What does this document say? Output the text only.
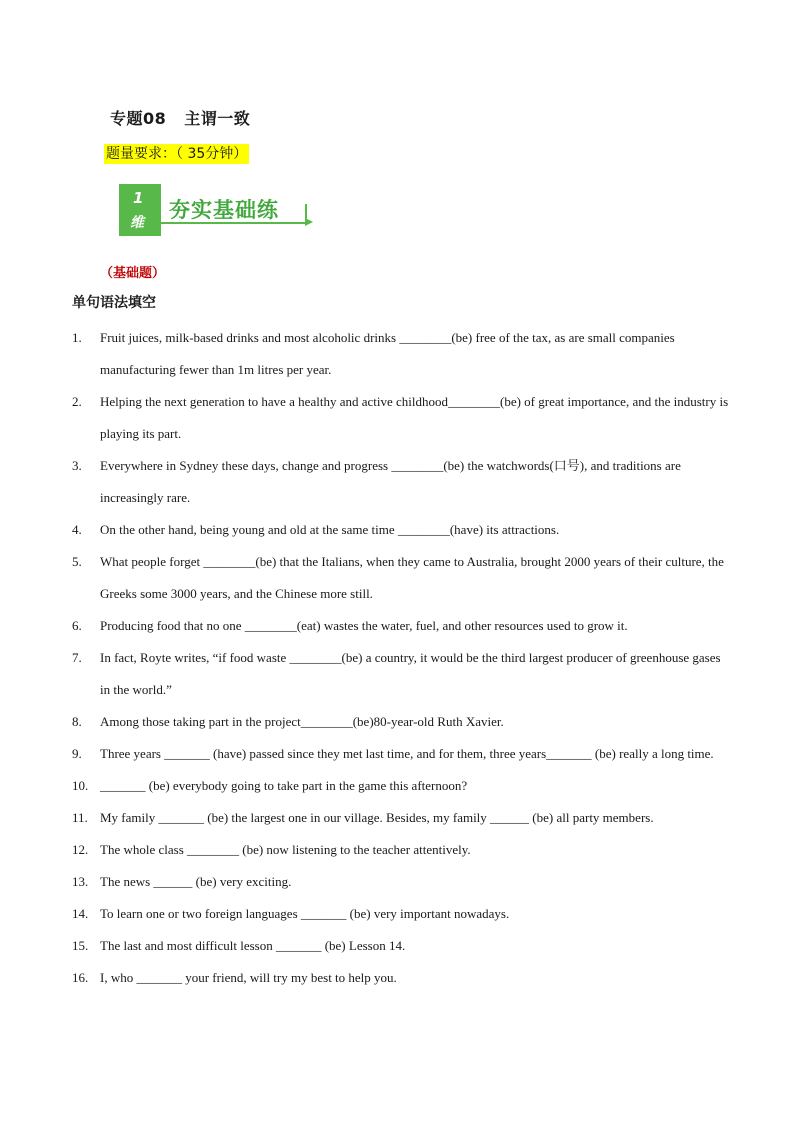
专题08 主谓一致
题量要求：（ 35分钟）
1
维
夯实基础练
（基础题）
单句语法填空
1.	Fruit juices, milk-based drinks and most alcoholic drinks ________(be) free of the tax, as are small companies manufacturing fewer than 1m litres per year.
2.	Helping the next generation to have a healthy and active childhood________(be) of great importance, and the industry is playing its part.
3.	Everywhere in Sydney these days, change and progress ________(be) the watchwords(口号), and traditions are increasingly rare.
4.	On the other hand, being young and old at the same time ________(have) its attractions.
5.	What people forget ________(be) that the Italians, when they came to Australia, brought 2000 years of their culture, the Greeks some 3000 years, and the Chinese more still.
6.	Producing food that no one ________(eat) wastes the water, fuel, and other resources used to grow it.
7.	In fact, Royte writes, “if food waste ________(be) a country, it would be the third largest producer of greenhouse gases in the world.”
8.	Among those taking part in the project________(be)80-year-old Ruth Xavier.
9.	Three years _______ (have) passed since they met last time, and for them, three years_______ (be) really a long time.
10. _______ (be) everybody going to take part in the game this afternoon?
11. My family _______ (be) the largest one in our village. Besides, my family ______ (be) all party members.
12. The whole class ________ (be) now listening to the teacher attentively.
13. The news ______ (be) very exciting.
14. To learn one or two foreign languages _______ (be) very important nowadays.
15. The last and most difficult lesson _______ (be) Lesson 14.
16. I, who _______ your friend, will try my best to help you.
